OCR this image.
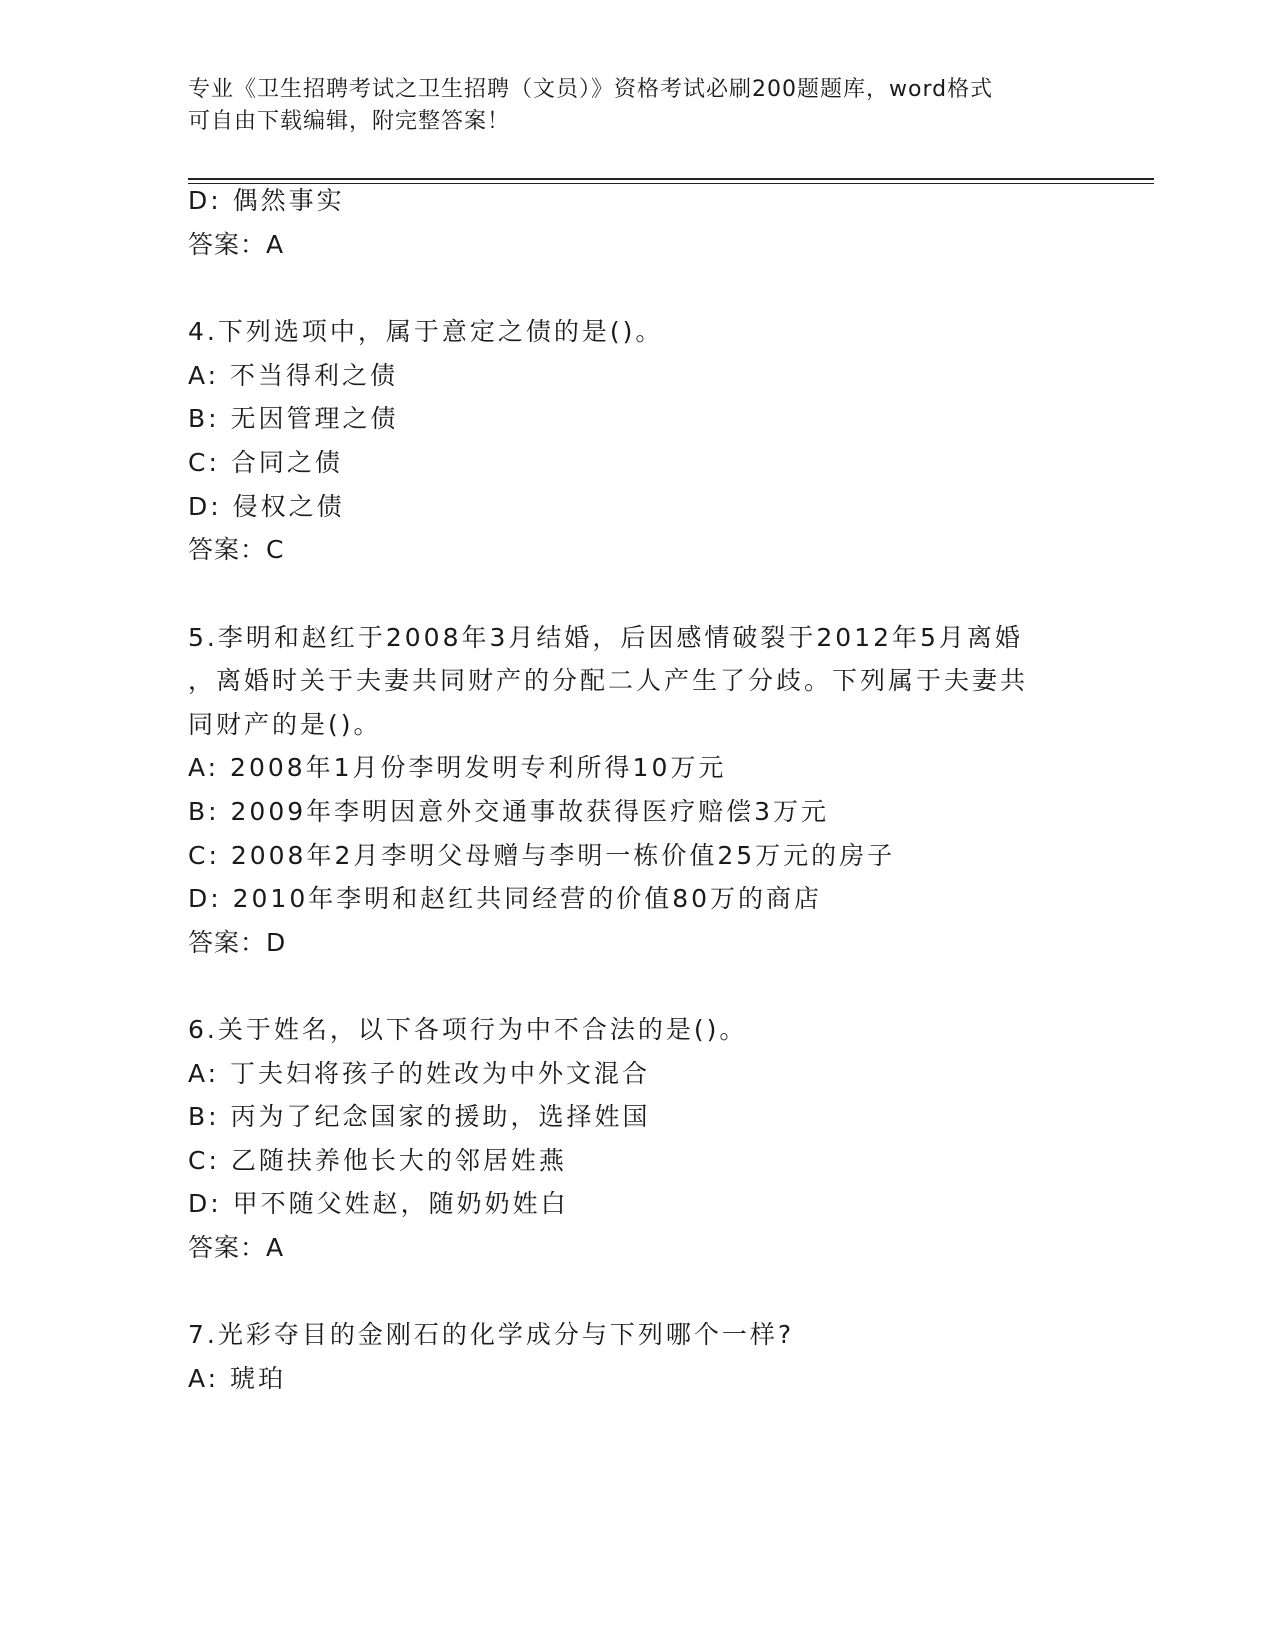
专业《卫生招聘考试之卫生招聘（文员）》资格考试必刷200题题库，word格式

可自由下载编辑，附完整答案！

D: 偶然事实
答案：A
4.下列选项中，属于意定之债的是()。
A: 不当得利之债
B: 无因管理之债
C: 合同之债
D: 侵权之债
答案：C
5.李明和赵红于2008年3月结婚，后因感情破裂于2012年5月离婚
，离婚时关于夫妻共同财产的分配二人产生了分歧。下列属于夫妻共
同财产的是()。
A: 2008年1月份李明发明专利所得10万元
B: 2009年李明因意外交通事故获得医疗赔偿3万元
C: 2008年2月李明父母赠与李明一栋价值25万元的房子
D: 2010年李明和赵红共同经营的价值80万的商店
答案：D
6.关于姓名，以下各项行为中不合法的是()。
A: 丁夫妇将孩子的姓改为中外文混合
B: 丙为了纪念国家的援助，选择姓国
C: 乙随扶养他长大的邻居姓燕
D: 甲不随父姓赵，随奶奶姓白
答案：A
7.光彩夺目的金刚石的化学成分与下列哪个一样?
A: 琥珀
